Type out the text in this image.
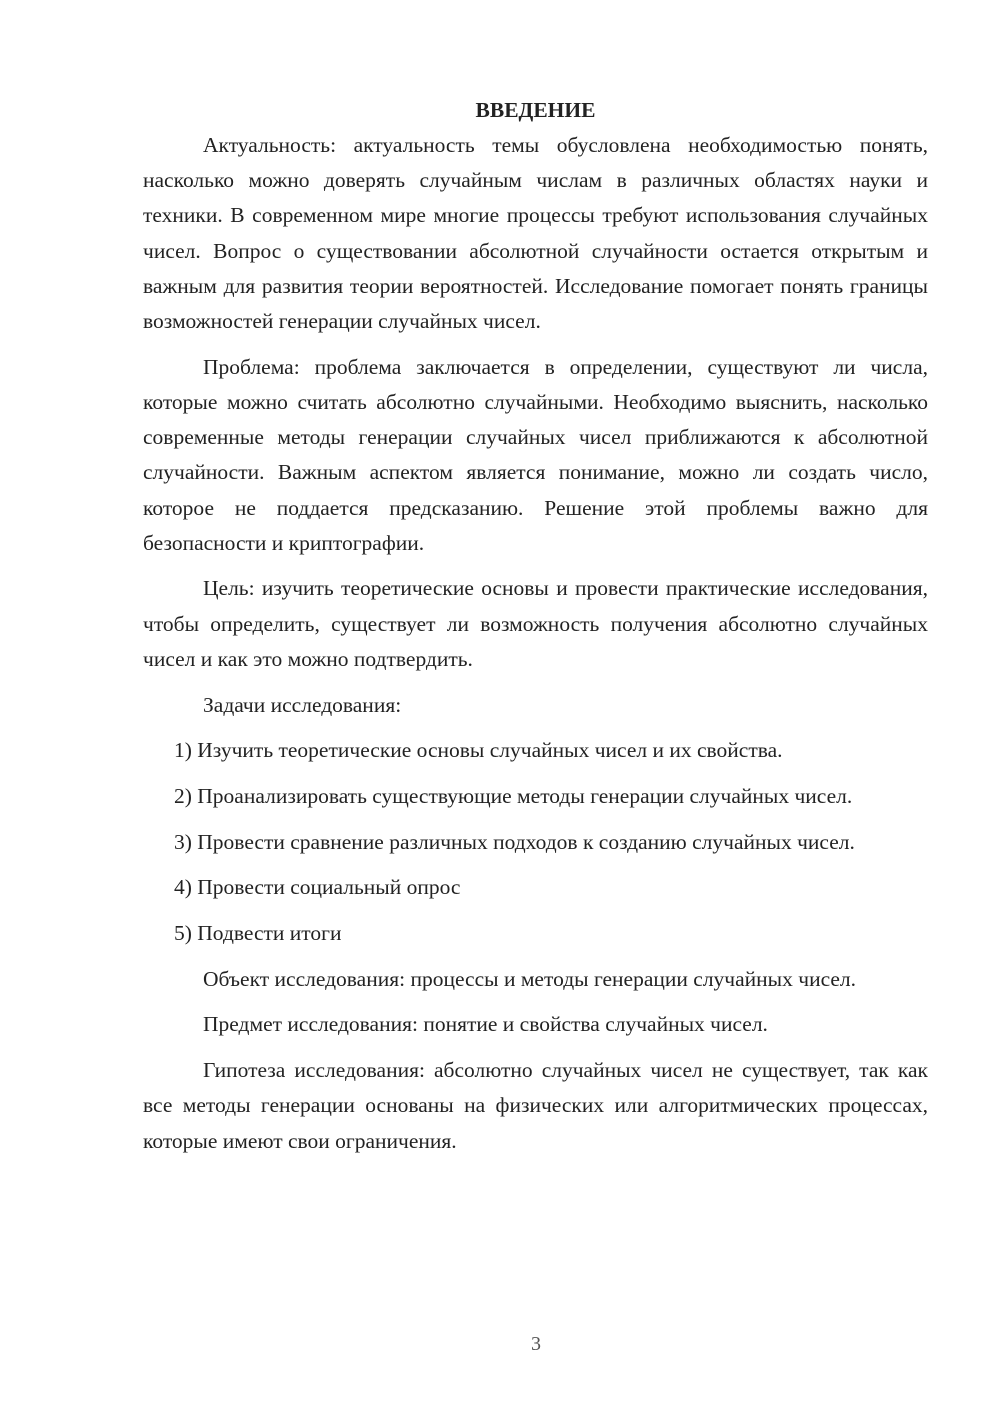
ВВЕДЕНИЕ

Актуальность: актуальность темы обусловлена необходимостью понять, насколько можно доверять случайным числам в различных областях науки и техники. В современном мире многие процессы требуют использования случайных чисел. Вопрос о существовании абсолютной случайности остается открытым и важным для развития теории вероятностей. Исследование помогает понять границы возможностей генерации случайных чисел.

Проблема: проблема заключается в определении, существуют ли числа, которые можно считать абсолютно случайными. Необходимо выяснить, насколько современные методы генерации случайных чисел приближаются к абсолютной случайности. Важным аспектом является понимание, можно ли создать число, которое не поддается предсказанию. Решение этой проблемы важно для безопасности и криптографии.

Цель: изучить теоретические основы и провести практические исследования, чтобы определить, существует ли возможность получения абсолютно случайных чисел и как это можно подтвердить.

Задачи исследования:

1) Изучить теоретические основы случайных чисел и их свойства.

2) Проанализировать существующие методы генерации случайных чисел.

3) Провести сравнение различных подходов к созданию случайных чисел.

4) Провести социальный опрос

5) Подвести итоги

Объект исследования: процессы и методы генерации случайных чисел.

Предмет исследования: понятие и свойства случайных чисел.

Гипотеза исследования: абсолютно случайных чисел не существует, так как все методы генерации основаны на физических или алгоритмических процессах, которые имеют свои ограничения.

3
